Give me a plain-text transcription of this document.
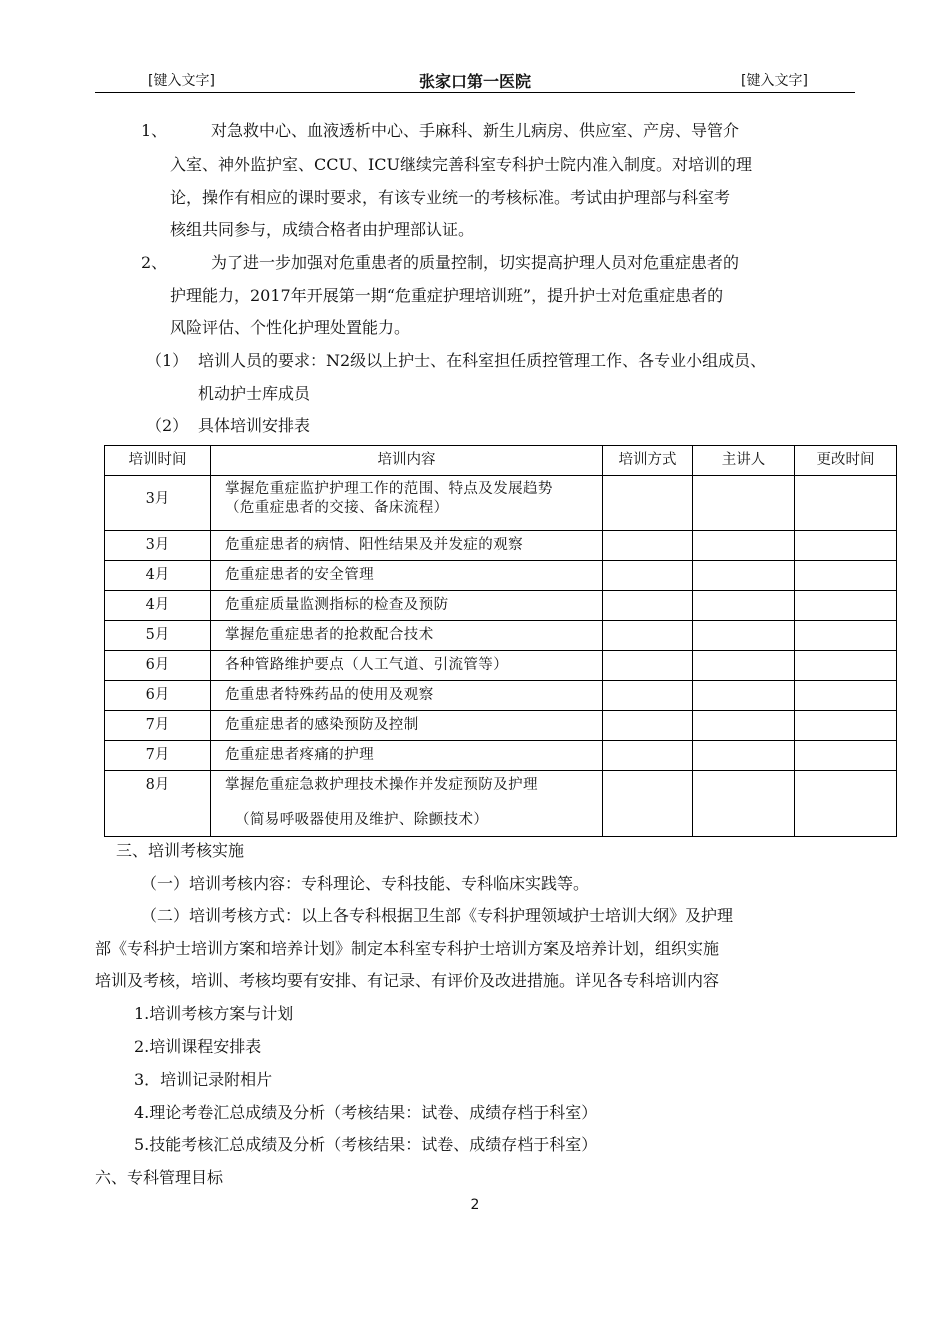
[键入文字]	张家口第一医院	[键入文字]
1、	对急救中心、血液透析中心、手麻科、新生儿病房、供应室、产房、导管介
入室、神外监护室、CCU、ICU继续完善科室专科护士院内准入制度。对培训的理
论，操作有相应的课时要求，有该专业统一的考核标准。考试由护理部与科室考
核组共同参与，成绩合格者由护理部认证。
2、	为了进一步加强对危重患者的质量控制，切实提高护理人员对危重症患者的
护理能力，2017年开展第一期“危重症护理培训班”，提升护士对危重症患者的
风险评估、个性化护理处置能力。
（1） 培训人员的要求：N2级以上护士、在科室担任质控管理工作、各专业小组成员、
机动护士库成员
（2） 具体培训安排表
培训时间	培训内容	培训方式	主讲人	更改时间
3月	掌握危重症监护护理工作的范围、特点及发展趋势
（危重症患者的交接、备床流程）			

3月	危重症患者的病情、阳性结果及并发症的观察			
4月	危重症患者的安全管理			
4月	危重症质量监测指标的检查及预防			
5月	掌握危重症患者的抢救配合技术			
6月	各种管路维护要点（人工气道、引流管等）			
6月	危重患者特殊药品的使用及观察			
7月	危重症患者的感染预防及控制			
7月	危重症患者疼痛的护理			
8月	掌握危重症急救护理技术操作并发症预防及护理
（简易呼吸器使用及维护、除颤技术）			

三、培训考核实施
（一）培训考核内容：专科理论、专科技能、专科临床实践等。
（二）培训考核方式：以上各专科根据卫生部《专科护理领域护士培训大纲》及护理
部《专科护士培训方案和培养计划》制定本科室专科护士培训方案及培养计划，组织实施
培训及考核，培训、考核均要有安排、有记录、有评价及改进措施。详见各专科培训内容
1.培训考核方案与计划
2.培训课程安排表
3．培训记录附相片
4.理论考卷汇总成绩及分析（考核结果：试卷、成绩存档于科室）
5.技能考核汇总成绩及分析（考核结果：试卷、成绩存档于科室）
六、专科管理目标
2
